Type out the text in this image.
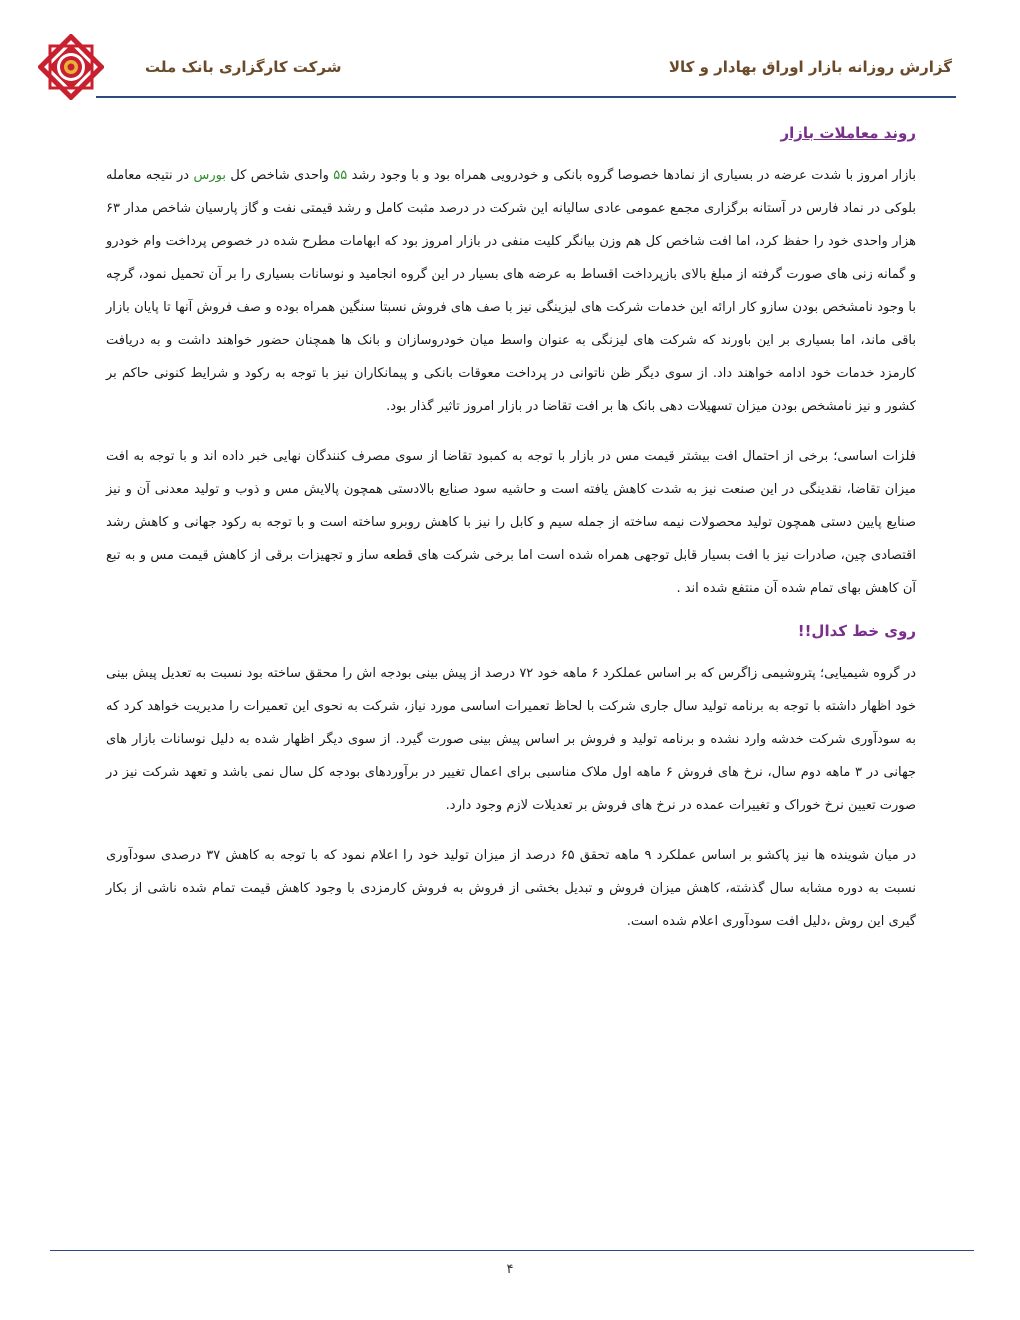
گزارش روزانه بازار اوراق بهادار و کالا
شرکت کارگزاری بانک ملت
روند معاملات بازار

بازار امروز با شدت عرضه در بسیاری از نمادها خصوصا گروه بانکی و خودرویی همراه بود و با وجود رشد ۵۵ واحدی شاخص کل بورس در نتیجه معامله بلوکی در نماد فارس در آستانه برگزاری مجمع عمومی عادی سالیانه این شرکت در درصد مثبت کامل و رشد قیمتی نفت و گاز پارسیان شاخص مدار ۶۳ هزار واحدی خود را حفظ کرد، اما افت شاخص کل هم وزن بیانگر کلیت منفی در بازار امروز بود که ابهامات مطرح شده در خصوص پرداخت وام خودرو و گمانه زنی های صورت گرفته از مبلغ بالای بازپرداخت اقساط به عرضه های بسیار در این گروه انجامید و نوسانات بسیاری را بر آن تحمیل نمود، گرچه با وجود نامشخص بودن سازو کار ارائه این خدمات شرکت های لیزینگی نیز با صف های فروش نسبتا سنگین همراه بوده و صف فروش آنها تا پایان بازار باقی ماند، اما بسیاری بر این باورند که شرکت های لیزنگی به عنوان واسط میان خودروسازان و بانک ها همچنان حضور خواهند داشت و به دریافت کارمزد خدمات خود ادامه خواهند داد. از سوی دیگر ظن ناتوانی در پرداخت معوقات بانکی و پیمانکاران نیز با توجه به رکود و شرایط کنونی حاکم بر کشور و نیز نامشخص بودن میزان تسهیلات دهی بانک ها بر افت تقاضا در بازار امروز تاثیر گذار بود.

فلزات اساسی؛ برخی از احتمال افت بیشتر قیمت مس در بازار با توجه به کمبود تقاضا از سوی مصرف کنندگان نهایی خبر داده اند و با توجه به افت میزان تقاضا، نقدینگی در این صنعت نیز به شدت کاهش یافته است و حاشیه سود صنایع بالادستی همچون پالایش مس و ذوب و تولید معدنی آن و نیز صنایع پایین دستی همچون تولید محصولات نیمه ساخته از جمله سیم و کابل را نیز با کاهش روبرو ساخته است و با توجه به رکود جهانی و کاهش رشد اقتصادی چین، صادرات نیز با افت بسیار قابل توجهی همراه شده است اما برخی شرکت های قطعه ساز و تجهیزات برقی از کاهش قیمت مس و به تبع آن کاهش بهای تمام شده آن منتفع شده اند .

روی خط کدال!!

در گروه شیمیایی؛ پتروشیمی زاگرس که بر اساس عملکرد ۶ ماهه خود ۷۲ درصد از پیش بینی بودجه اش را محقق ساخته بود نسبت به تعدیل پیش بینی خود اظهار داشته با توجه به برنامه تولید سال جاری شرکت با لحاظ تعمیرات اساسی مورد نیاز، شرکت به نحوی این تعمیرات را مدیریت خواهد کرد که به سودآوری شرکت خدشه وارد نشده و برنامه تولید و فروش بر اساس پیش بینی صورت گیرد. از سوی دیگر اظهار شده به دلیل نوسانات بازار های جهانی در ۳ ماهه دوم سال، نرخ های فروش ۶ ماهه اول ملاک مناسبی برای اعمال تغییر در برآوردهای بودجه کل سال نمی باشد و تعهد شرکت نیز در صورت تعیین نرخ خوراک و تغییرات عمده در نرخ های فروش بر تعدیلات لازم وجود دارد.

در میان شوینده ها نیز پاکشو بر اساس عملکرد ۹ ماهه تحقق ۶۵ درصد از میزان تولید خود را اعلام نمود که با توجه به کاهش ۳۷ درصدی سودآوری نسبت به دوره مشابه سال گذشته، کاهش میزان فروش و تبدیل بخشی از فروش به فروش کارمزدی با وجود کاهش قیمت تمام شده ناشی از بکار گیری این روش ،دلیل افت سودآوری اعلام شده است.

۴
